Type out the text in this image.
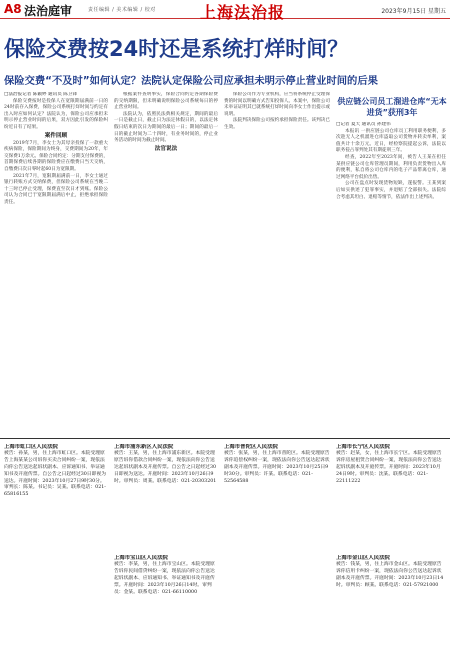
A8 法治庭审	责任编辑 / 美术编辑 / 校对	上海法治报	2023年9月15日 星期五
保险交费按24时还是系统打烊时间？
保险交费“不及时”如何认定？法院认定保险公司应承担未明示停止营业时间的后果

□法治报记者 陈颖婷 通讯员 陈卫锋

保险交费按时是投保人在宽限期届满前一日的24时前存入保费，保险公司系统打烊时间与约定有出入时应如何认定？法院认为，保险公司应承担未明示停止营业时间的后果，双方因此引发的保险纠纷近日有了结果。

案件回顾

2019年7月，李女士为其母亲投保了一款重大疾病保险，保险期间为终身，交费期间为20年，年交保费1万余元。保险合同约定：分期支付保费的，首期保费后续各期的保险费应在缴费日当天交纳，自缴费日次日零时起60日为宽限期。

2021年7月，宽限期届满前一日，李女士通过银行转账方式交纳保费，但保险公司系统在当晚二十三时已停止受理，保费直至次日才到账。保险公司认为合同已于宽限期届满后中止，拒绝承担保险责任。

根据案件查明事实，保险合同约定各期保险费的交纳期限，但未明确说明保险公司系统每日的停止营业时间。

法院认为，依照民法典相关规定，期间的最后一日是截止日，截止日为法定休假日的，以法定休假日结束的次日为期间的最后一日；期间的最后一日的截止时间为二十四时，有业务时间的，停止业务活动的时间为截止时间。

法官说法

保险公司作为专业机构，应当将系统停止受理保费的时间以明确方式告知投保人。本案中，保险公司未举证证明其已就系统打烊时间向李女士作出提示或说明。

法院判决保险公司按约承担保险责任。该判决已生效。

供应链公司员工溜进仓库“无本进货”获刑3年

□记者 夏天 通讯员 孙建伟

本报讯 一供应链公司仓库员工利用职务便利，多次趁无人之机溜进仓库盗取公司货物并转卖牟利，案值共计十余万元。近日，经检察院提起公诉，法院以职务侵占罪判处其有期徒刑三年。

经查，2022年至2023年间，被告人王某在担任某供应链公司仓库管理员期间，利用负责货物出入库的便利，私自将公司仓库内的电子产品带离仓库，通过网络平台低价出售。

公司在盘点时发现货物短缺，遂报警。王某到案后如实供述了犯罪事实，并退赔了全部损失。法院综合考虑其坦白、退赔等情节，依法作出上述判决。

上海市虹口区人民法院
被告：孙某，男，住上海市虹口区。本院受理原告上海某某公司诉你买卖合同纠纷一案，现依法向你公告送达起诉状副本、应诉通知书、举证通知书及开庭传票。自公告之日起经过30日即视为送达。开庭时间：2023年10月27日9时30分。审判长：陈某。书记员：吴某。联系电话：021-65816155
上海市浦东新区人民法院
被告：王某，男，住上海市浦东新区。本院受理原告诉你借款合同纠纷一案，现依法向你公告送达起诉状副本及开庭传票。自公告之日起经过30日即视为送达。开庭时间：2023年10月26日9时。审判员：周某。联系电话：021-20303201
上海市宝山区人民法院
被告：李某，男，住上海市宝山区。本院受理原告诉你民间借贷纠纷一案，现依法向你公告送达起诉状副本、应诉通知书、举证通知书及开庭传票。开庭时间：2023年10月26日14时。审判员：金某。联系电话：021-66110000
上海市普陀区人民法院
被告：张某，男，住上海市普陀区。本院受理原告诉你追偿权纠纷一案，现依法向你公告送达起诉状副本及开庭传票。开庭时间：2023年10月25日9时30分。审判员：许某。联系电话：021-52564588
上海市长宁区人民法院
被告：赵某，女，住上海市长宁区。本院受理原告诉你房屋租赁合同纠纷一案，现依法向你公告送达起诉状副本及开庭传票。开庭时间：2023年10月24日9时。审判员：沈某。联系电话：021-22111222
上海市金山区人民法院
被告：钱某，男，住上海市金山区。本院受理原告诉你信用卡纠纷一案，现依法向你公告送达起诉状副本及开庭传票。开庭时间：2023年10月23日14时。审判员：顾某。联系电话：021-57921000
